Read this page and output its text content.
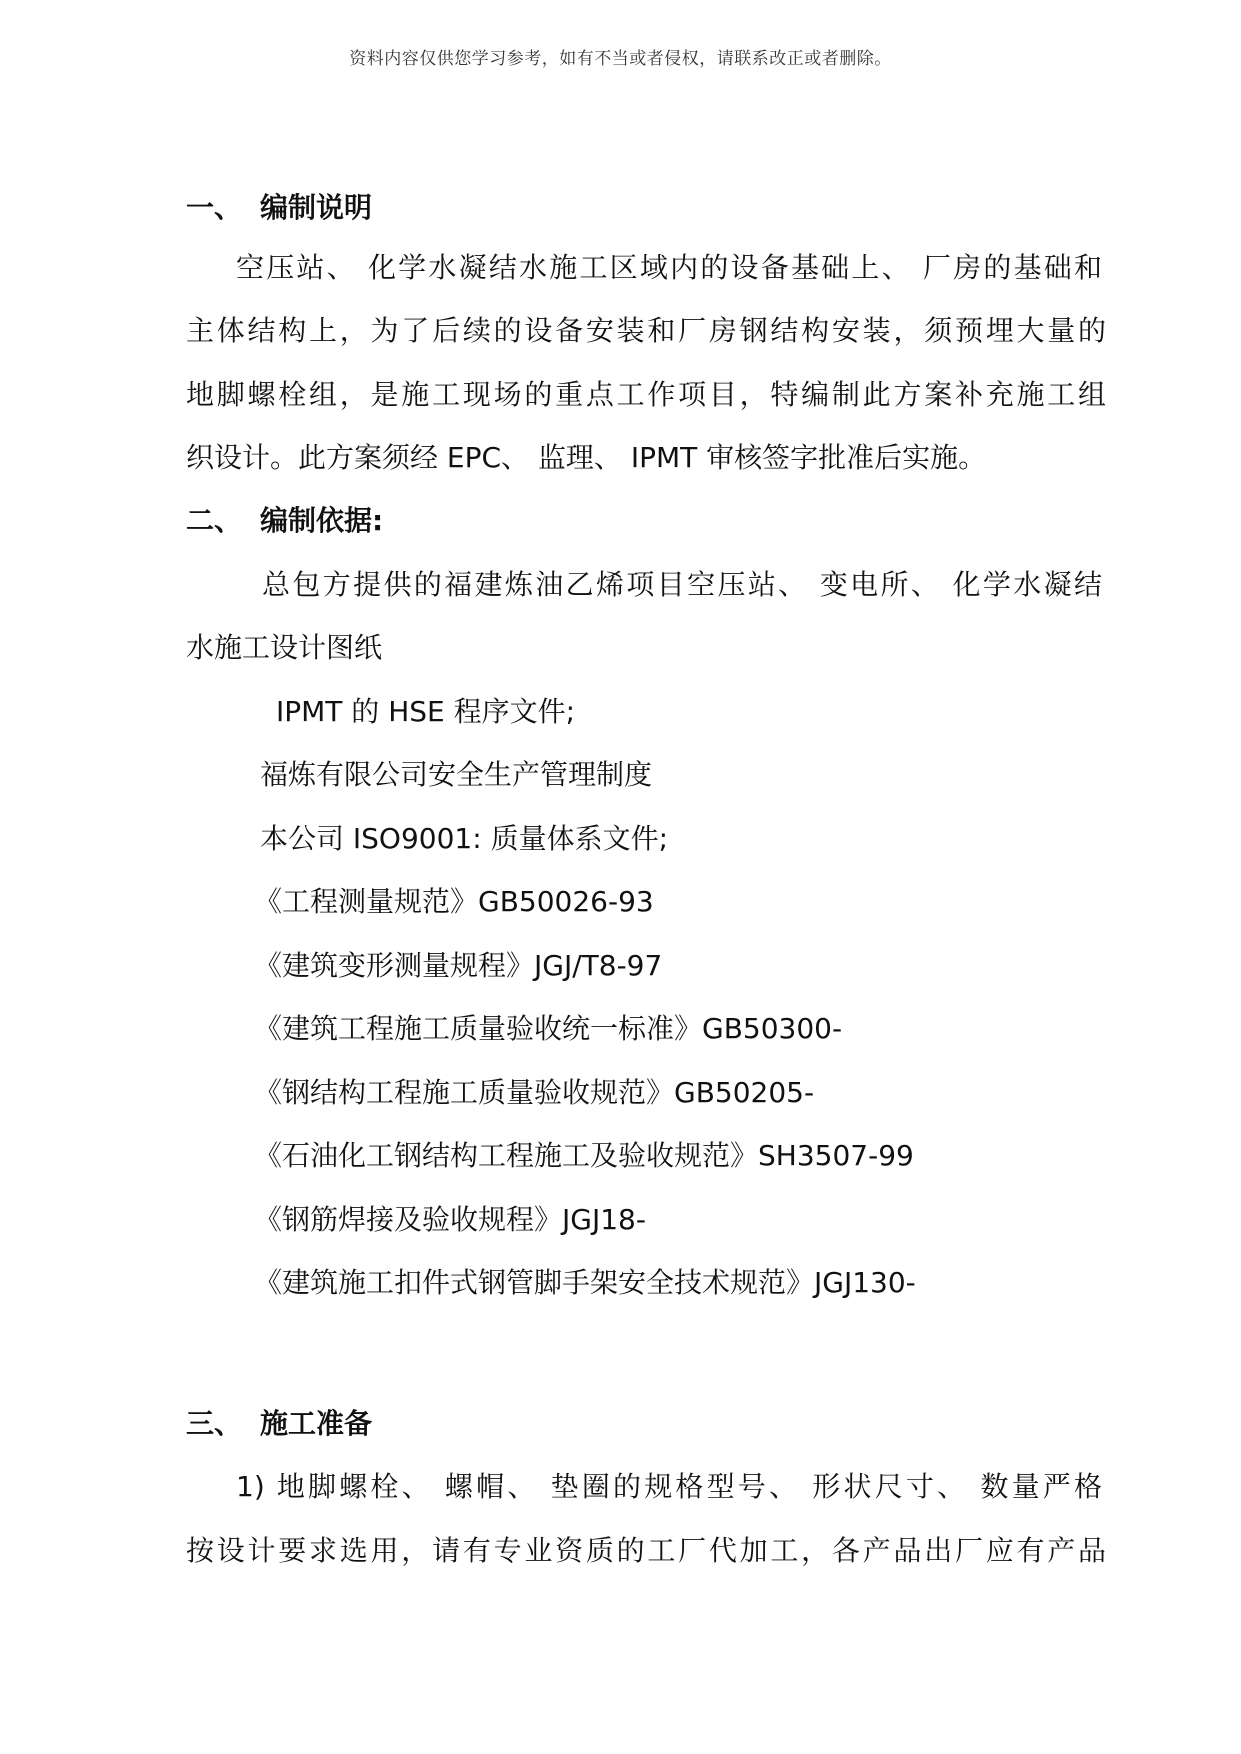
资料内容仅供您学习参考，如有不当或者侵权，请联系改正或者删除。
一、 编制说明
空压站、 化学水凝结水施工区域内的设备基础上、 厂房的基础和
主体结构上，为了后续的设备安装和厂房钢结构安装，须预埋大量的
地脚螺栓组，是施工现场的重点工作项目，特编制此方案补充施工组
织设计。此方案须经 EPC、 监理、 IPMT 审核签字批准后实施。
二、 编制依据:
总包方提供的福建炼油乙烯项目空压站、 变电所、 化学水凝结
水施工设计图纸
IPMT 的 HSE 程序文件;
福炼有限公司安全生产管理制度
本公司 ISO9001: 质量体系文件;
《工程测量规范》GB50026-93
《建筑变形测量规程》JGJ/T8-97
《建筑工程施工质量验收统一标准》GB50300-
《钢结构工程施工质量验收规范》GB50205-
《石油化工钢结构工程施工及验收规范》SH3507-99
《钢筋焊接及验收规程》JGJ18-
《建筑施工扣件式钢管脚手架安全技术规范》JGJ130-
三、 施工准备
1) 地脚螺栓、 螺帽、 垫圈的规格型号、 形状尺寸、 数量严格
按设计要求选用，请有专业资质的工厂代加工，各产品出厂应有产品
